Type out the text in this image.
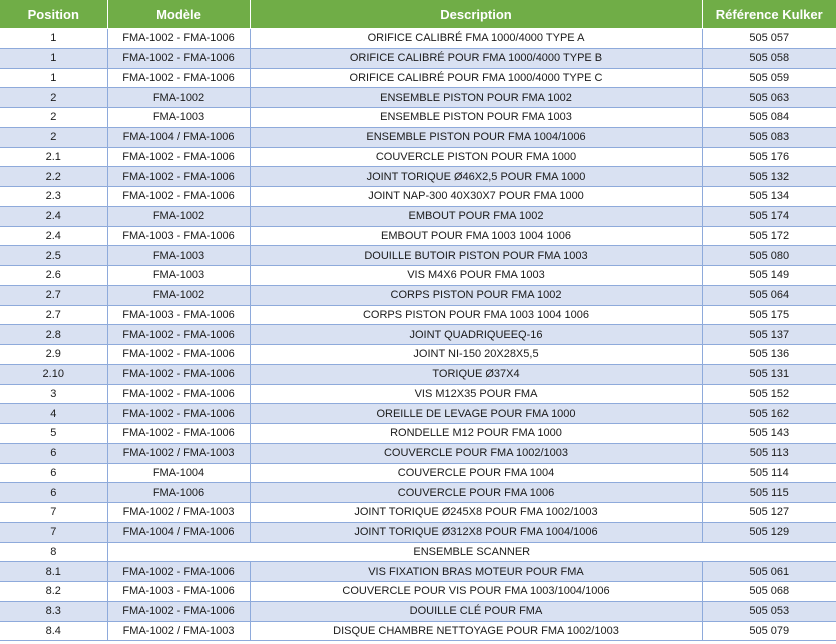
Position	Modèle	Description	Référence Kulker
1	FMA-1002 - FMA-1006	ORIFICE CALIBRÉ FMA 1000/4000 TYPE A	505 057
1	FMA-1002 - FMA-1006	ORIFICE CALIBRÉ POUR FMA 1000/4000 TYPE B	505 058
1	FMA-1002 - FMA-1006	ORIFICE CALIBRÉ POUR FMA 1000/4000 TYPE C	505 059
2	FMA-1002	ENSEMBLE PISTON POUR FMA 1002	505 063
2	FMA-1003	ENSEMBLE PISTON POUR FMA 1003	505 084
2	FMA-1004 / FMA-1006	ENSEMBLE PISTON POUR FMA 1004/1006	505 083
2.1	FMA-1002 - FMA-1006	COUVERCLE PISTON POUR FMA 1000	505 176
2.2	FMA-1002 - FMA-1006	JOINT TORIQUE Ø46X2,5 POUR FMA 1000	505 132
2.3	FMA-1002 - FMA-1006	JOINT NAP-300 40X30X7 POUR FMA 1000	505 134
2.4	FMA-1002	EMBOUT POUR FMA 1002	505 174
2.4	FMA-1003 - FMA-1006	EMBOUT POUR FMA 1003 1004 1006	505 172
2.5	FMA-1003	DOUILLE BUTOIR PISTON POUR FMA 1003	505 080
2.6	FMA-1003	VIS M4X6 POUR FMA 1003	505 149
2.7	FMA-1002	CORPS PISTON POUR FMA 1002	505 064
2.7	FMA-1003 - FMA-1006	CORPS PISTON POUR FMA 1003 1004 1006	505 175
2.8	FMA-1002 - FMA-1006	JOINT QUADRIQUEEQ-16	505 137
2.9	FMA-1002 - FMA-1006	JOINT NI-150 20X28X5,5	505 136
2.10	FMA-1002 - FMA-1006	TORIQUE Ø37X4	505 131
3	FMA-1002 - FMA-1006	VIS M12X35 POUR FMA	505 152
4	FMA-1002 - FMA-1006	OREILLE DE LEVAGE POUR FMA 1000	505 162
5	FMA-1002 - FMA-1006	RONDELLE M12 POUR FMA 1000	505 143
6	FMA-1002 / FMA-1003	COUVERCLE POUR FMA 1002/1003	505 113
6	FMA-1004	COUVERCLE POUR FMA 1004	505 114
6	FMA-1006	COUVERCLE POUR FMA 1006	505 115
7	FMA-1002 / FMA-1003	JOINT TORIQUE Ø245X8 POUR FMA 1002/1003	505 127
7	FMA-1004 / FMA-1006	JOINT TORIQUE Ø312X8 POUR FMA 1004/1006	505 129
8	ENSEMBLE SCANNER		
8.1	FMA-1002 - FMA-1006	VIS FIXATION BRAS MOTEUR POUR FMA	505 061
8.2	FMA-1003 - FMA-1006	COUVERCLE POUR VIS POUR FMA 1003/1004/1006	505 068
8.3	FMA-1002 - FMA-1006	DOUILLE CLÉ POUR FMA	505 053
8.4	FMA-1002 / FMA-1003	DISQUE CHAMBRE NETTOYAGE POUR FMA 1002/1003	505 079
